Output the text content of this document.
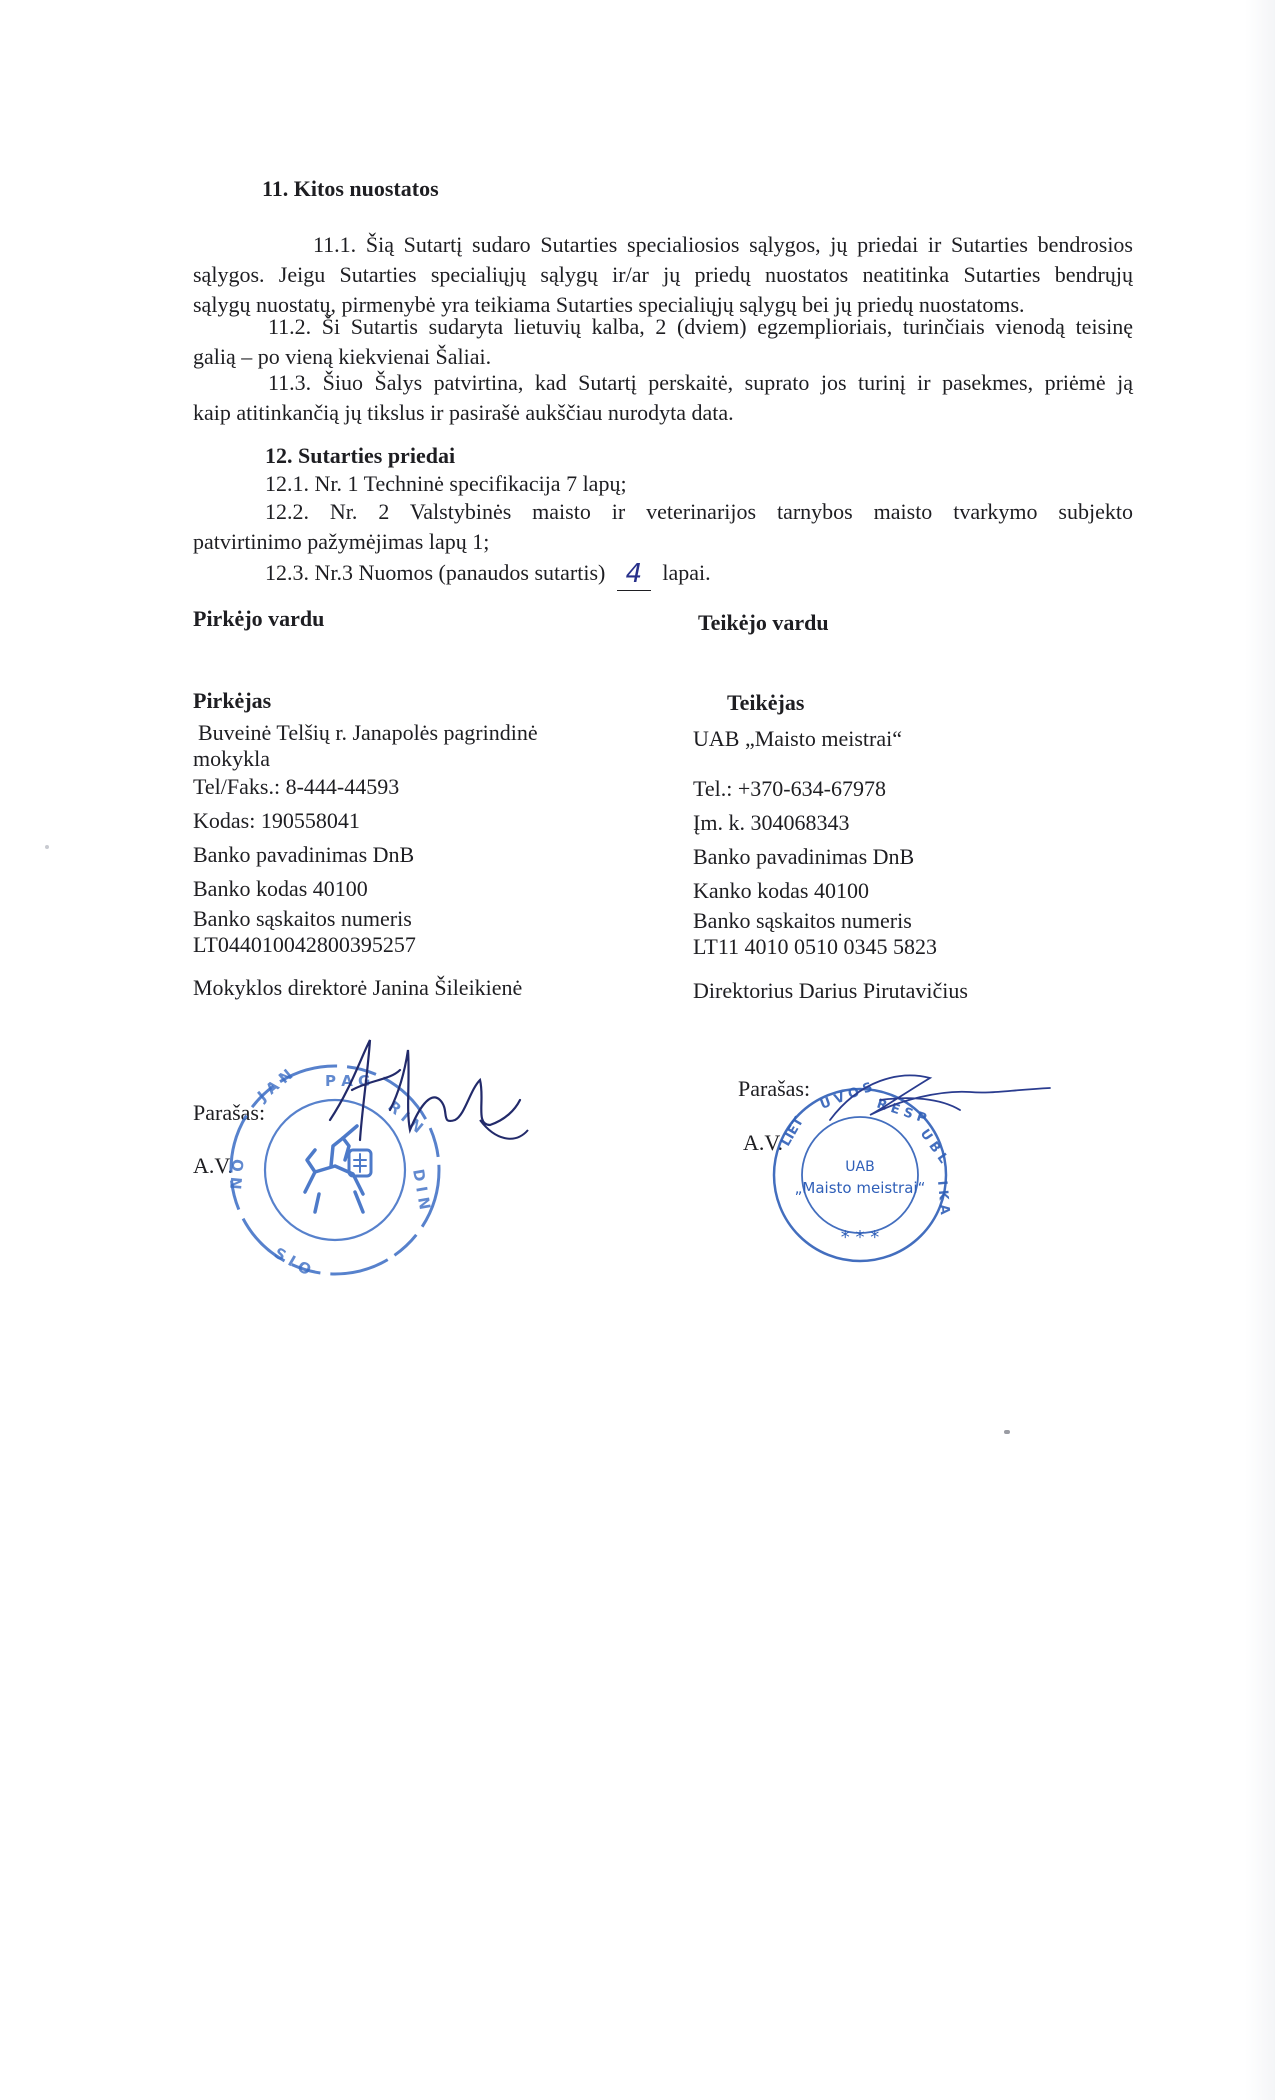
11. Kitos nuostatos
11.1. Šią Sutartį sudaro Sutarties specialiosios sąlygos, jų priedai ir Sutarties bendrosios
sąlygos. Jeigu Sutarties specialiųjų sąlygų ir/ar jų priedų nuostatos neatitinka Sutarties bendrųjų
sąlygų nuostatų, pirmenybė yra teikiama Sutarties specialiųjų sąlygų bei jų priedų nuostatoms.
11.2. Ši Sutartis sudaryta lietuvių kalba, 2 (dviem) egzemplioriais, turinčiais vienodą teisinę
galią – po vieną kiekvienai Šaliai.
11.3. Šiuo Šalys patvirtina, kad Sutartį perskaitė, suprato jos turinį ir pasekmes, priėmė ją
kaip atitinkančią jų tikslus ir pasirašė aukščiau nurodyta data.
12. Sutarties priedai
12.1. Nr. 1 Techninė specifikacija 7 lapų;
12.2. Nr. 2 Valstybinės maisto ir veterinarijos tarnybos maisto tvarkymo subjekto
patvirtinimo pažymėjimas lapų 1;
12.3. Nr.3 Nuomos (panaudos sutartis) 4 lapai.
Pirkėjo vardu	Teikėjo vardu
Pirkėjas
Buveinė Telšių r. Janapolės pagrindinė
mokykla
Tel/Faks.: 8-444-44593
Kodas: 190558041
Banko pavadinimas DnB
Banko kodas 40100
Banko sąskaitos numeris
LT044010042800395257
Mokyklos direktorė Janina Šileikienė
Teikėjas
UAB „Maisto meistrai“
Tel.: +370-634-67978
Įm. k. 304068343
Banko pavadinimas DnB
Kanko kodas 40100
Banko sąskaitos numeris
LT11 4010 0510 0345 5823
Direktorius Darius Pirutavičius
Parašas:
A.V.
Parašas:
A.V.
J A N P A G
R I N
D I N
N O
S I O
LIET
U V O S R E S P
U B L
I K A
UAB
„Maisto meistrai“
* * *
